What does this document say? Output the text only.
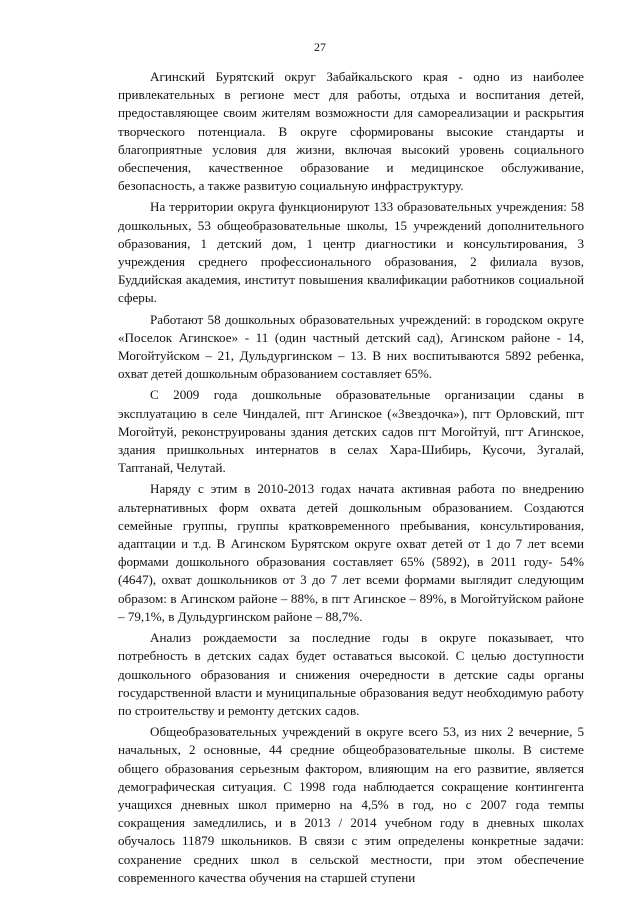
27

Агинский Бурятский округ Забайкальского края - одно из наиболее привлекательных в регионе мест для работы, отдыха и воспитания детей, предоставляющее своим жителям возможности для самореализации и раскрытия творческого потенциала. В округе сформированы высокие стандарты и благоприятные условия для жизни, включая высокий уровень социального обеспечения, качественное образование и медицинское обслуживание, безопасность, а также развитую социальную инфраструктуру.

На территории округа функционируют 133 образовательных учреждения: 58 дошкольных, 53 общеобразовательные школы, 15 учреждений дополнительного образования, 1 детский дом, 1 центр диагностики и консультирования, 3 учреждения среднего профессионального образования, 2 филиала вузов, Буддийская академия, институт повышения квалификации работников социальной сферы.

Работают 58 дошкольных образовательных учреждений: в городском округе «Поселок Агинское» - 11 (один частный детский сад), Агинском районе - 14, Могойтуйском – 21, Дульдургинском – 13. В них воспитываются 5892 ребенка, охват детей дошкольным образованием составляет 65%.

С 2009 года дошкольные образовательные организации сданы в эксплуатацию в селе Чиндалей, пгт Агинское («Звездочка»), пгт Орловский, пгт Могойтуй, реконструированы здания детских садов пгт Могойтуй, пгт Агинское, здания пришкольных интернатов в селах Хара-Шибирь, Кусочи, Зугалай, Таптанай, Челутай.

Наряду с этим в 2010-2013 годах начата активная работа по внедрению альтернативных форм охвата детей дошкольным образованием. Создаются семейные группы, группы кратковременного пребывания, консультирования, адаптации и т.д. В Агинском Бурятском округе охват детей от 1 до 7 лет всеми формами дошкольного образования составляет 65% (5892), в 2011 году- 54% (4647), охват дошкольников от 3 до 7 лет всеми формами выглядит следующим образом: в Агинском районе – 88%, в пгт Агинское – 89%, в Могойтуйском районе – 79,1%, в Дульдургинском районе – 88,7%.

Анализ рождаемости за последние годы в округе показывает, что потребность в детских садах будет оставаться высокой. С целью доступности дошкольного образования и снижения очередности в детские сады органы государственной власти и муниципальные образования ведут необходимую работу по строительству и ремонту детских садов.

Общеобразовательных учреждений в округе всего 53, из них 2 вечерние, 5 начальных, 2 основные, 44 средние общеобразовательные школы. В системе общего образования серьезным фактором, влияющим на его развитие, является демографическая ситуация. С 1998 года наблюдается сокращение контингента учащихся дневных школ примерно на 4,5% в год, но с 2007 года темпы сокращения замедлились, и в 2013 / 2014 учебном году в дневных школах обучалось 11879 школьников. В связи с этим определены конкретные задачи: сохранение средних школ в сельской местности, при этом обеспечение современного качества обучения на старшей ступени
